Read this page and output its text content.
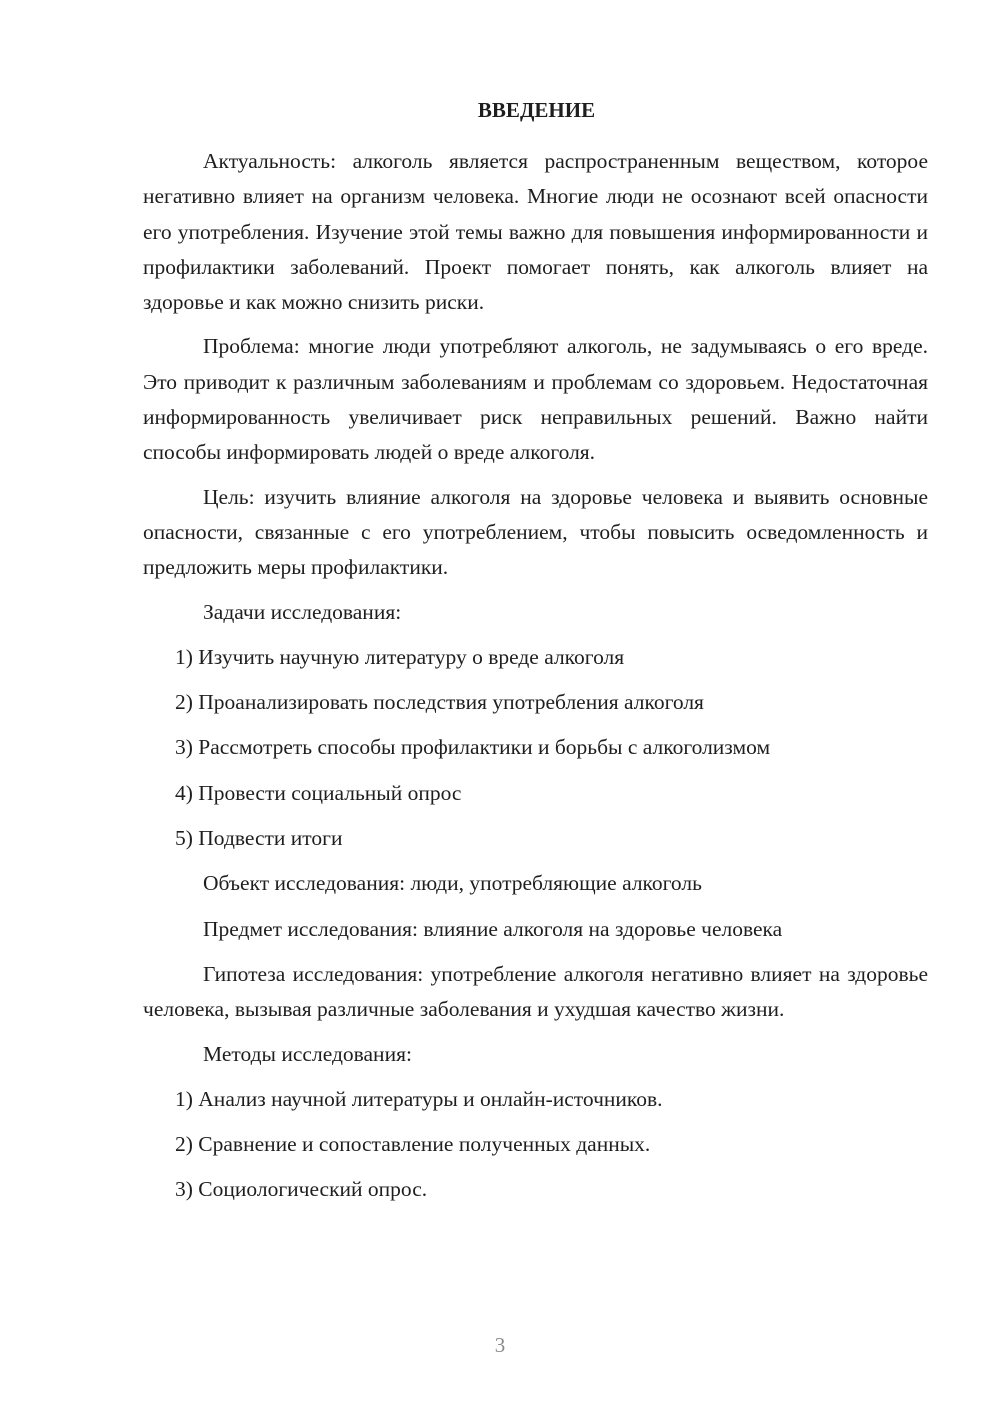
ВВЕДЕНИЕ

Актуальность: алкоголь является распространенным веществом, которое негативно влияет на организм человека. Многие люди не осознают всей опасности его употребления. Изучение этой темы важно для повышения информированности и профилактики заболеваний. Проект помогает понять, как алкоголь влияет на здоровье и как можно снизить риски.

Проблема: многие люди употребляют алкоголь, не задумываясь о его вреде. Это приводит к различным заболеваниям и проблемам со здоровьем. Недостаточная информированность увеличивает риск неправильных решений. Важно найти способы информировать людей о вреде алкоголя.

Цель: изучить влияние алкоголя на здоровье человека и выявить основные опасности, связанные с его употреблением, чтобы повысить осведомленность и предложить меры профилактики.

Задачи исследования:
1) Изучить научную литературу о вреде алкоголя
2) Проанализировать последствия употребления алкоголя
3) Рассмотреть способы профилактики и борьбы с алкоголизмом
4) Провести социальный опрос
5) Подвести итоги
Объект исследования: люди, употребляющие алкоголь
Предмет исследования: влияние алкоголя на здоровье человека

Гипотеза исследования: употребление алкоголя негативно влияет на здоровье человека, вызывая различные заболевания и ухудшая качество жизни.

Методы исследования:
1) Анализ научной литературы и онлайн-источников.
2) Сравнение и сопоставление полученных данных.
3) Социологический опрос.
3
